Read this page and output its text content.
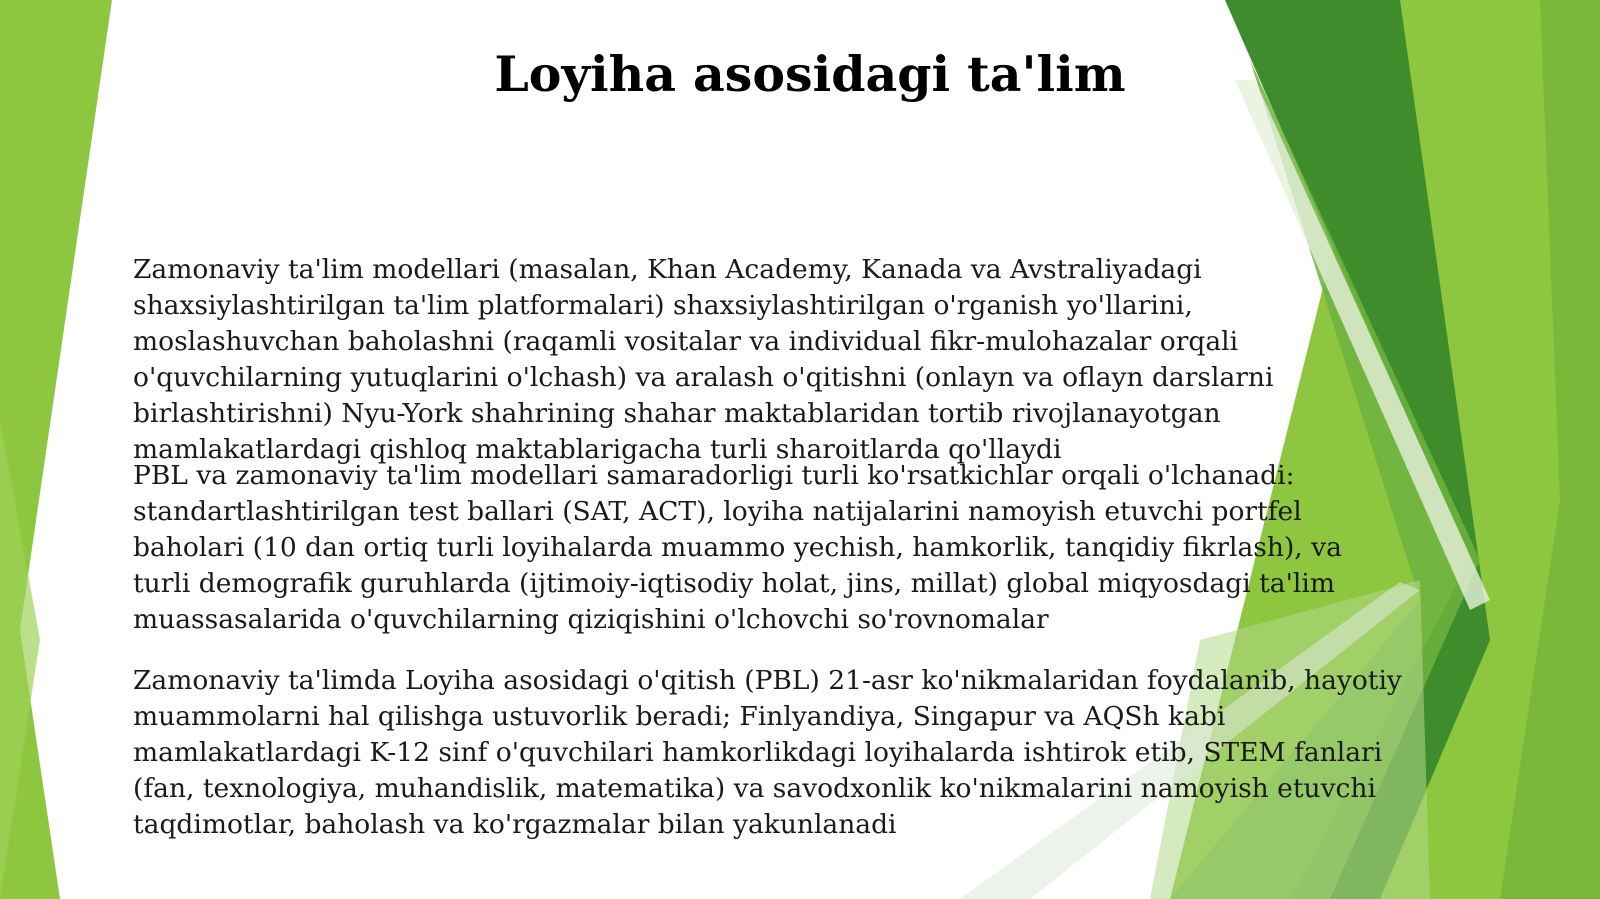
Loyiha asosidagi ta'lim
Zamonaviy ta'lim modellari (masalan, Khan Academy, Kanada va Avstraliyadagi
shaxsiylashtirilgan ta'lim platformalari) shaxsiylashtirilgan o'rganish yo'llarini,
moslashuvchan baholashni (raqamli vositalar va individual fikr-mulohazalar orqali
o'quvchilarning yutuqlarini o'lchash) va aralash o'qitishni (onlayn va oflayn darslarni
birlashtirishni) Nyu-York shahrining shahar maktablaridan tortib rivojlanayotgan
mamlakatlardagi qishloq maktablarigacha turli sharoitlarda qo'llaydi
PBL va zamonaviy ta'lim modellari samaradorligi turli ko'rsatkichlar orqali o'lchanadi:
standartlashtirilgan test ballari (SAT, ACT), loyiha natijalarini namoyish etuvchi portfel
baholari (10 dan ortiq turli loyihalarda muammo yechish, hamkorlik, tanqidiy fikrlash), va
turli demografik guruhlarda (ijtimoiy-iqtisodiy holat, jins, millat) global miqyosdagi ta'lim
muassasalarida o'quvchilarning qiziqishini o'lchovchi so'rovnomalar
Zamonaviy ta'limda Loyiha asosidagi o'qitish (PBL) 21-asr ko'nikmalaridan foydalanib, hayotiy
muammolarni hal qilishga ustuvorlik beradi; Finlyandiya, Singapur va AQSh kabi
mamlakatlardagi K-12 sinf o'quvchilari hamkorlikdagi loyihalarda ishtirok etib, STEM fanlari
(fan, texnologiya, muhandislik, matematika) va savodxonlik ko'nikmalarini namoyish etuvchi
taqdimotlar, baholash va ko'rgazmalar bilan yakunlanadi
